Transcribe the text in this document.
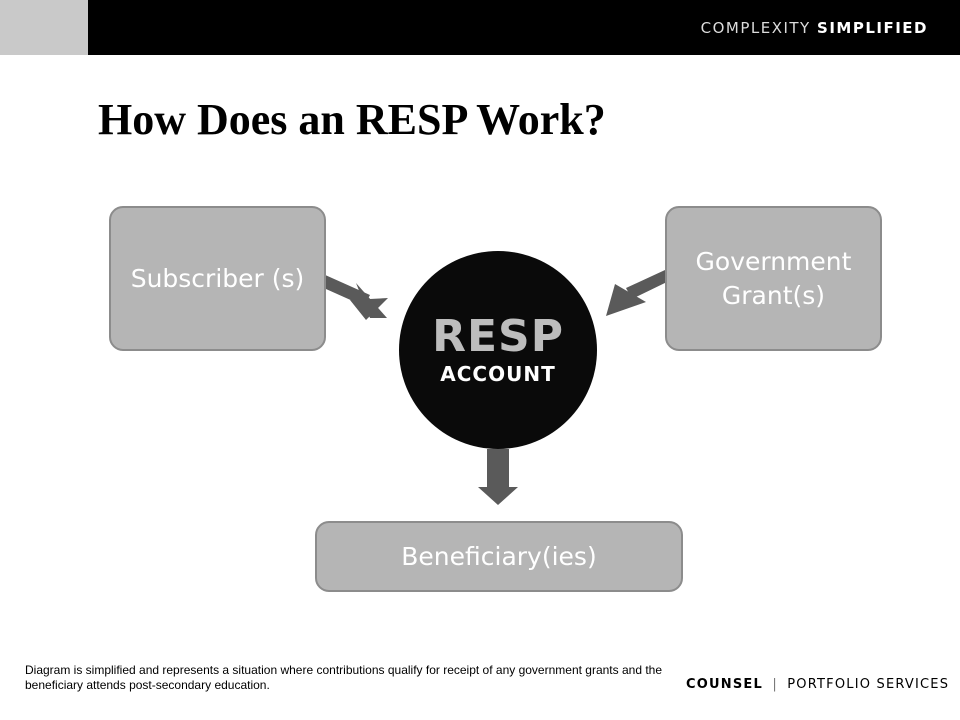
COMPLEXITY SIMPLIFIED
How Does an RESP Work?
Subscriber (s)
Government
Grant(s)
RESP
ACCOUNT
Beneficiary(ies)
Diagram is simplified and represents a situation where contributions qualify for receipt of any government grants and the beneficiary attends post-secondary education.	COUNSEL | PORTFOLIO SERVICES
